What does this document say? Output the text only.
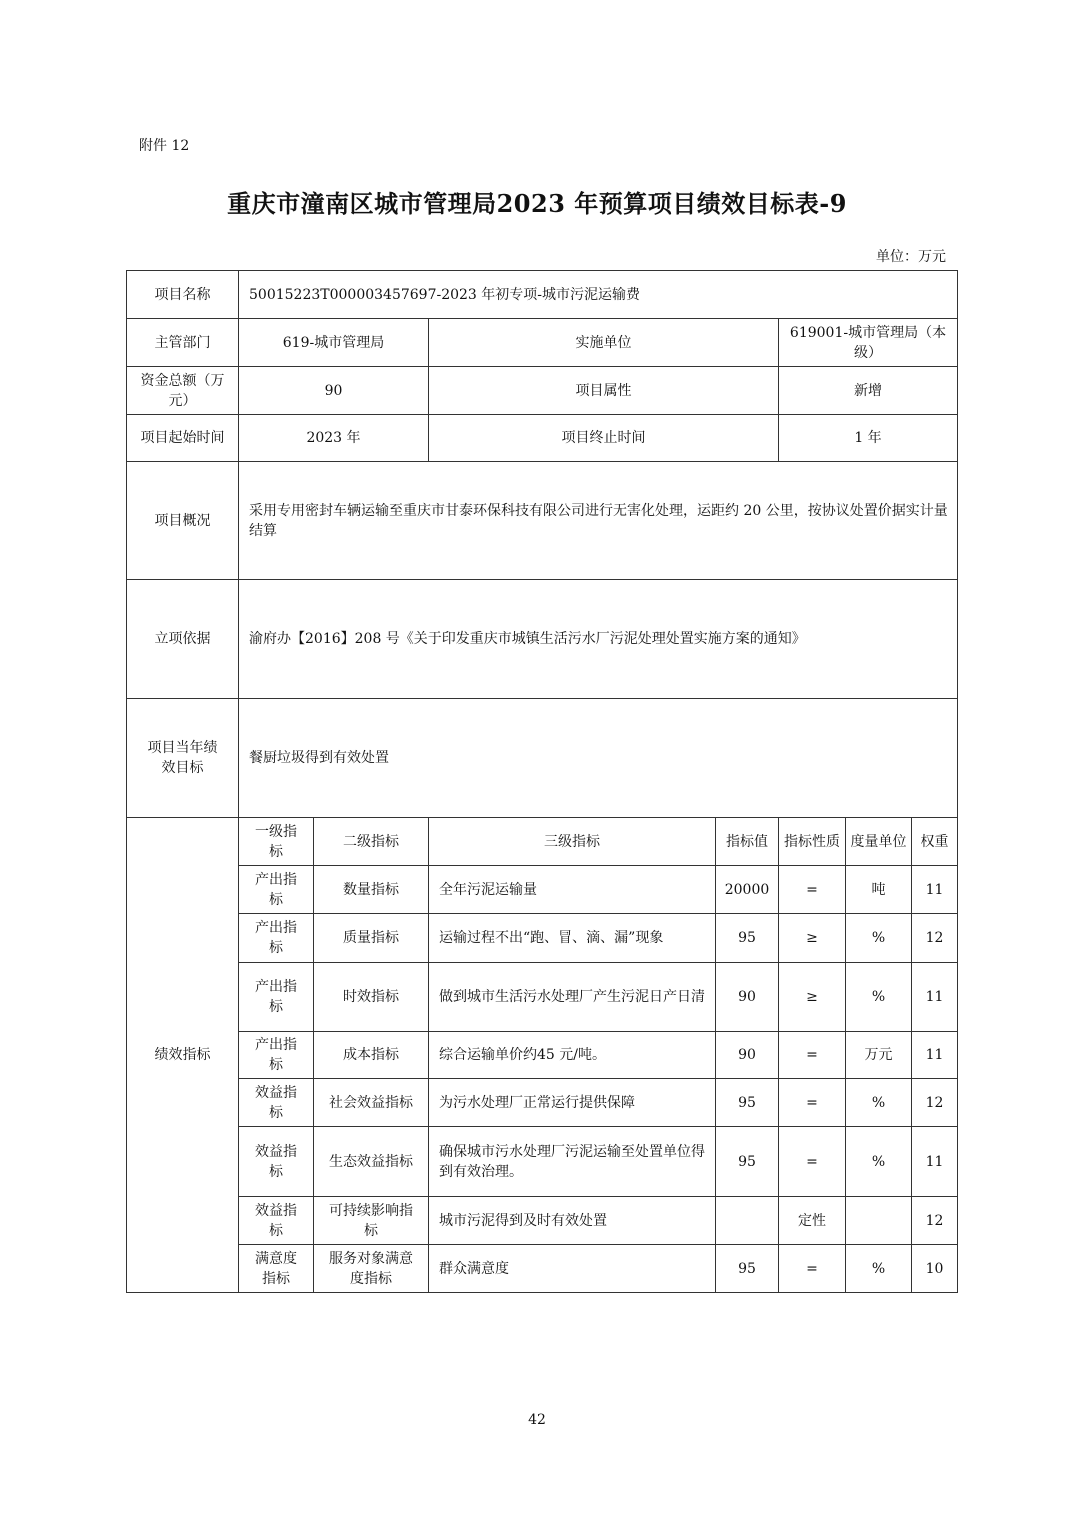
附件 12
重庆市潼南区城市管理局2023 年预算项目绩效目标表-9
单位：万元
项目名称	50015223T000003457697-2023 年初专项-城市污泥运输费						
主管部门	619-城市管理局		实施单位		619001-城市管理局（本级）		
资金总额（万元）	90		项目属性		新增		
项目起始时间	2023 年		项目终止时间		1 年		
项目概况	采用专用密封车辆运输至重庆市甘泰环保科技有限公司进行无害化处理，运距约 20 公里，按协议处置价据实计量结算						
立项依据	渝府办【2016】208 号《关于印发重庆市城镇生活污水厂污泥处理处置实施方案的通知》						
项目当年绩效目标	餐厨垃圾得到有效处置						
绩效指标	一级指标	二级指标	三级指标	指标值	指标性质	度量单位	权重
	产出指标	数量指标	全年污泥运输量	20000	=	吨	11
	产出指标	质量指标	运输过程不出“跑、冒、滴、漏”现象	95	≥	%	12
	产出指标	时效指标	做到城市生活污水处理厂产生污泥日产日清	90	≥	%	11
	产出指标	成本指标	综合运输单价约45 元/吨。	90	=	万元	11
	效益指标	社会效益指标	为污水处理厂正常运行提供保障	95	=	%	12
	效益指标	生态效益指标	确保城市污水处理厂污泥运输至处置单位得到有效治理。	95	=	%	11
	效益指标	可持续影响指标	城市污泥得到及时有效处置		定性		12
	满意度指标	服务对象满意度指标	群众满意度	95	=	%	10
42
